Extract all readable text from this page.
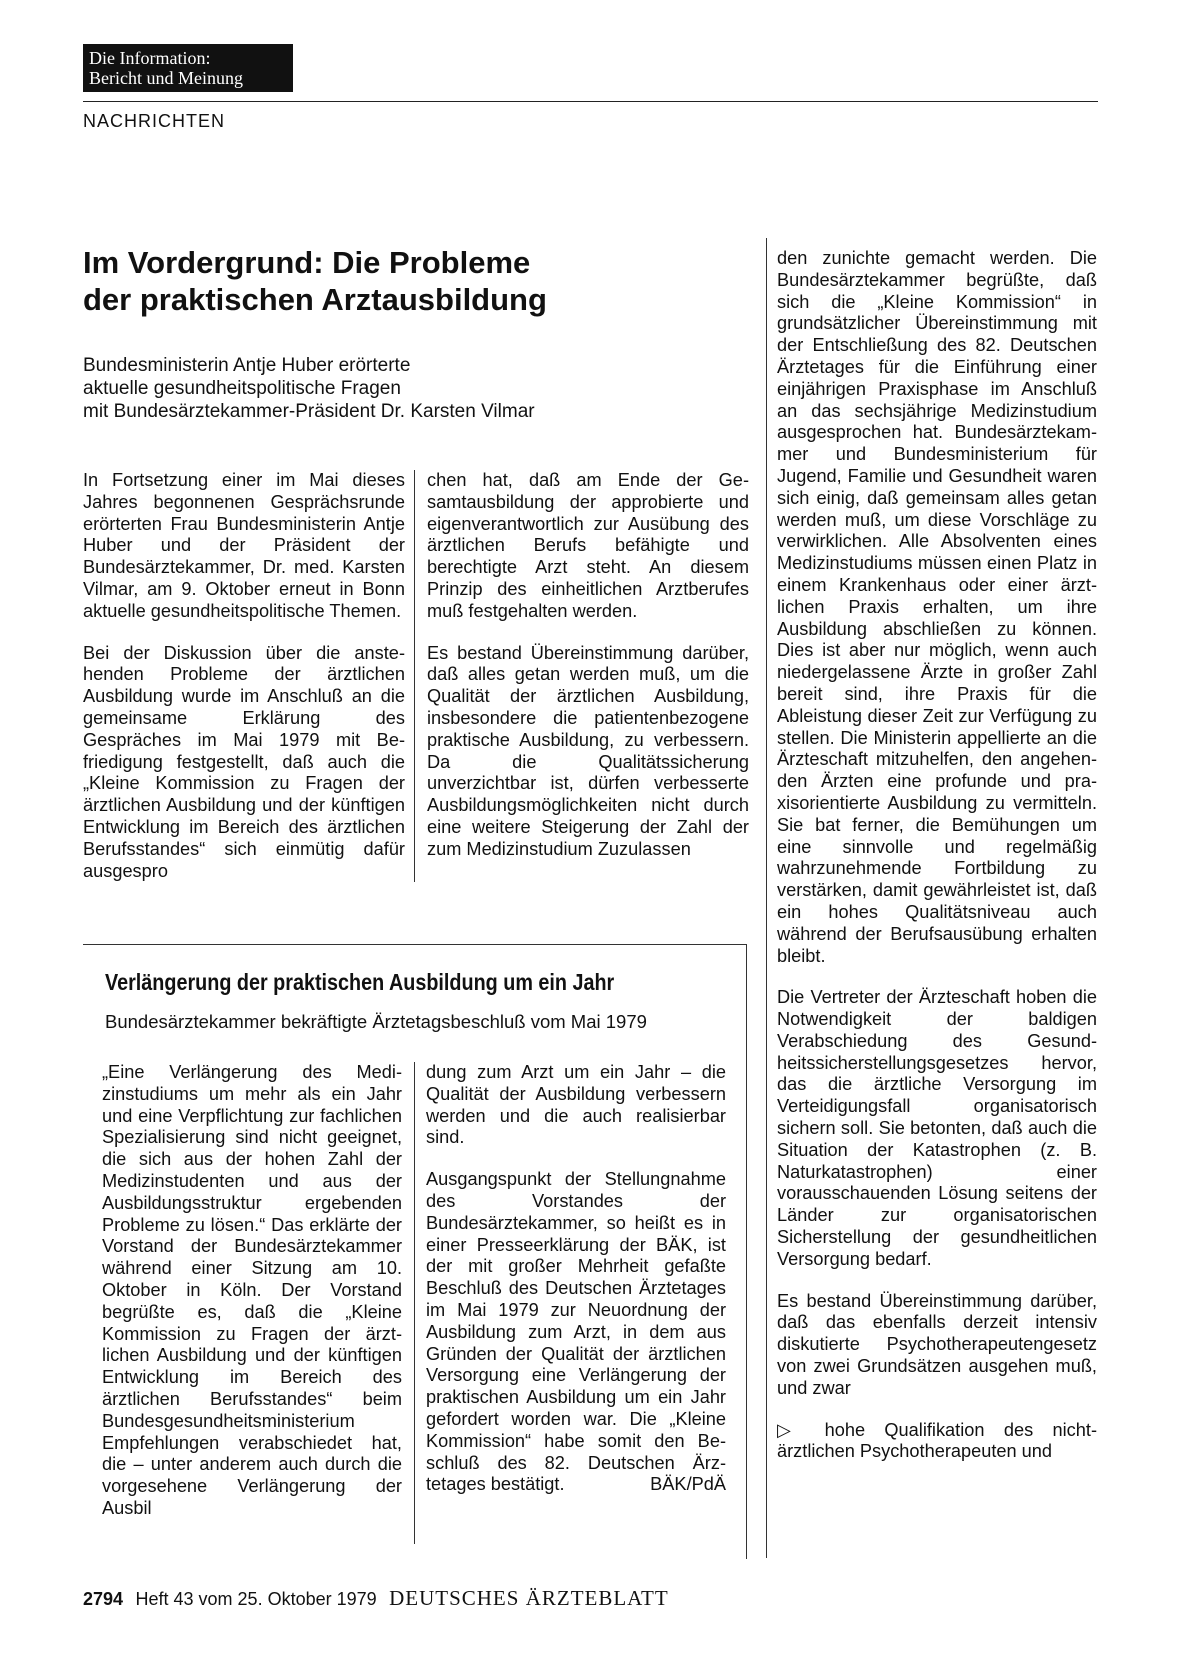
Die Information:
Bericht und Meinung
NACHRICHTEN
Im Vordergrund: Die Probleme
der praktischen Arztausbildung
Bundesministerin Antje Huber erörterte
aktuelle gesundheitspolitische Fragen
mit Bundesärztekammer-Präsident Dr. Karsten Vilmar

In Fortsetzung einer im Mai dieses Jahres begonnenen Gesprächsrunde erörterten Frau Bundesministerin Antje Huber und der Präsident der Bundesärztekammer, Dr. med. Karsten Vilmar, am 9. Oktober erneut in Bonn aktuelle gesundheitspolitische Themen.

Bei der Diskussion über die anstehenden Probleme der ärztlichen Ausbildung wurde im Anschluß an die gemeinsame Erklärung des Gespräches im Mai 1979 mit Befriedigung festgestellt, daß auch die „Kleine Kommission zu Fragen der ärztlichen Ausbildung und der künftigen Entwicklung im Bereich des ärztlichen Berufsstandes“ sich einmütig dafür ausgespro

chen hat, daß am Ende der Gesamtausbildung der approbierte und eigenverantwortlich zur Ausübung des ärztlichen Berufs befähigte und berechtigte Arzt steht. An diesem Prinzip des einheitlichen Arztberufes muß festgehalten werden.

Es bestand Übereinstimmung darüber, daß alles getan werden muß, um die Qualität der ärztlichen Ausbildung, insbesondere die patientenbezogene praktische Ausbildung, zu verbessern. Da die Qualitätssicherung unverzichtbar ist, dürfen verbesserte Ausbildungsmöglichkeiten nicht durch eine weitere Steigerung der Zahl der zum Medizinstudium Zuzulassen

den zunichte gemacht werden. Die Bundesärztekammer begrüßte, daß sich die „Kleine Kommission“ in grundsätzlicher Übereinstimmung mit der Entschließung des 82. Deutschen Ärztetages für die Einführung einer einjährigen Praxisphase im Anschluß an das sechsjährige Medizinstudium ausgesprochen hat. Bundesärztekammer und Bundesministerium für Jugend, Familie und Gesundheit waren sich einig, daß gemeinsam alles getan werden muß, um diese Vorschläge zu verwirklichen. Alle Absolventen eines Medizinstudiums müssen einen Platz in einem Krankenhaus oder einer ärztlichen Praxis erhalten, um ihre Ausbildung abschließen zu können. Dies ist aber nur möglich, wenn auch niedergelassene Ärzte in großer Zahl bereit sind, ihre Praxis für die Ableistung dieser Zeit zur Verfügung zu stellen. Die Ministerin appellierte an die Ärzteschaft mitzuhelfen, den angehenden Ärzten eine profunde und praxisorientierte Ausbildung zu vermitteln. Sie bat ferner, die Bemühungen um eine sinnvolle und regelmäßig wahrzunehmende Fortbildung zu verstärken, damit gewährleistet ist, daß ein hohes Qualitätsniveau auch während der Berufsausübung erhalten bleibt.

Die Vertreter der Ärzteschaft hoben die Notwendigkeit der baldigen Verabschiedung des Gesundheitssicherstellungsgesetzes hervor, das die ärztliche Versorgung im Verteidigungsfall organisatorisch sichern soll. Sie betonten, daß auch die Situation der Katastrophen (z. B. Naturkatastrophen) einer vorausschauenden Lösung seitens der Länder zur organisatorischen Sicherstellung der gesundheitlichen Versorgung bedarf.

Es bestand Übereinstimmung darüber, daß das ebenfalls derzeit intensiv diskutierte Psychotherapeutengesetz von zwei Grundsätzen ausgehen muß, und zwar

▷ hohe Qualifikation des nichtärztlichen Psychotherapeuten und

Verlängerung der praktischen Ausbildung um ein Jahr
Bundesärztekammer bekräftigte Ärztetagsbeschluß vom Mai 1979

„Eine Verlängerung des Medizinstudiums um mehr als ein Jahr und eine Verpflichtung zur fachlichen Spezialisierung sind nicht geeignet, die sich aus der hohen Zahl der Medizinstudenten und aus der Ausbildungsstruktur ergebenden Probleme zu lösen.“ Das erklärte der Vorstand der Bundesärztekammer während einer Sitzung am 10. Oktober in Köln. Der Vorstand begrüßte es, daß die „Kleine Kommission zu Fragen der ärztlichen Ausbildung und der künftigen Entwicklung im Bereich des ärztlichen Berufsstandes“ beim Bundesgesundheitsministerium Empfehlungen verabschiedet hat, die – unter anderem auch durch die vorgesehene Verlängerung der Ausbil

dung zum Arzt um ein Jahr – die Qualität der Ausbildung verbessern werden und die auch realisierbar sind.

Ausgangspunkt der Stellungnahme des Vorstandes der Bundesärztekammer, so heißt es in einer Presseerklärung der BÄK, ist der mit großer Mehrheit gefaßte Beschluß des Deutschen Ärztetages im Mai 1979 zur Neuordnung der Ausbildung zum Arzt, in dem aus Gründen der Qualität der ärztlichen Versorgung eine Verlängerung der praktischen Ausbildung um ein Jahr gefordert worden war. Die „Kleine Kommission“ habe somit den Beschluß des 82. Deutschen Ärztetages bestätigt.	BÄK/PdÄ

2794 Heft 43 vom 25. Oktober 1979 DEUTSCHES ÄRZTEBLATT
